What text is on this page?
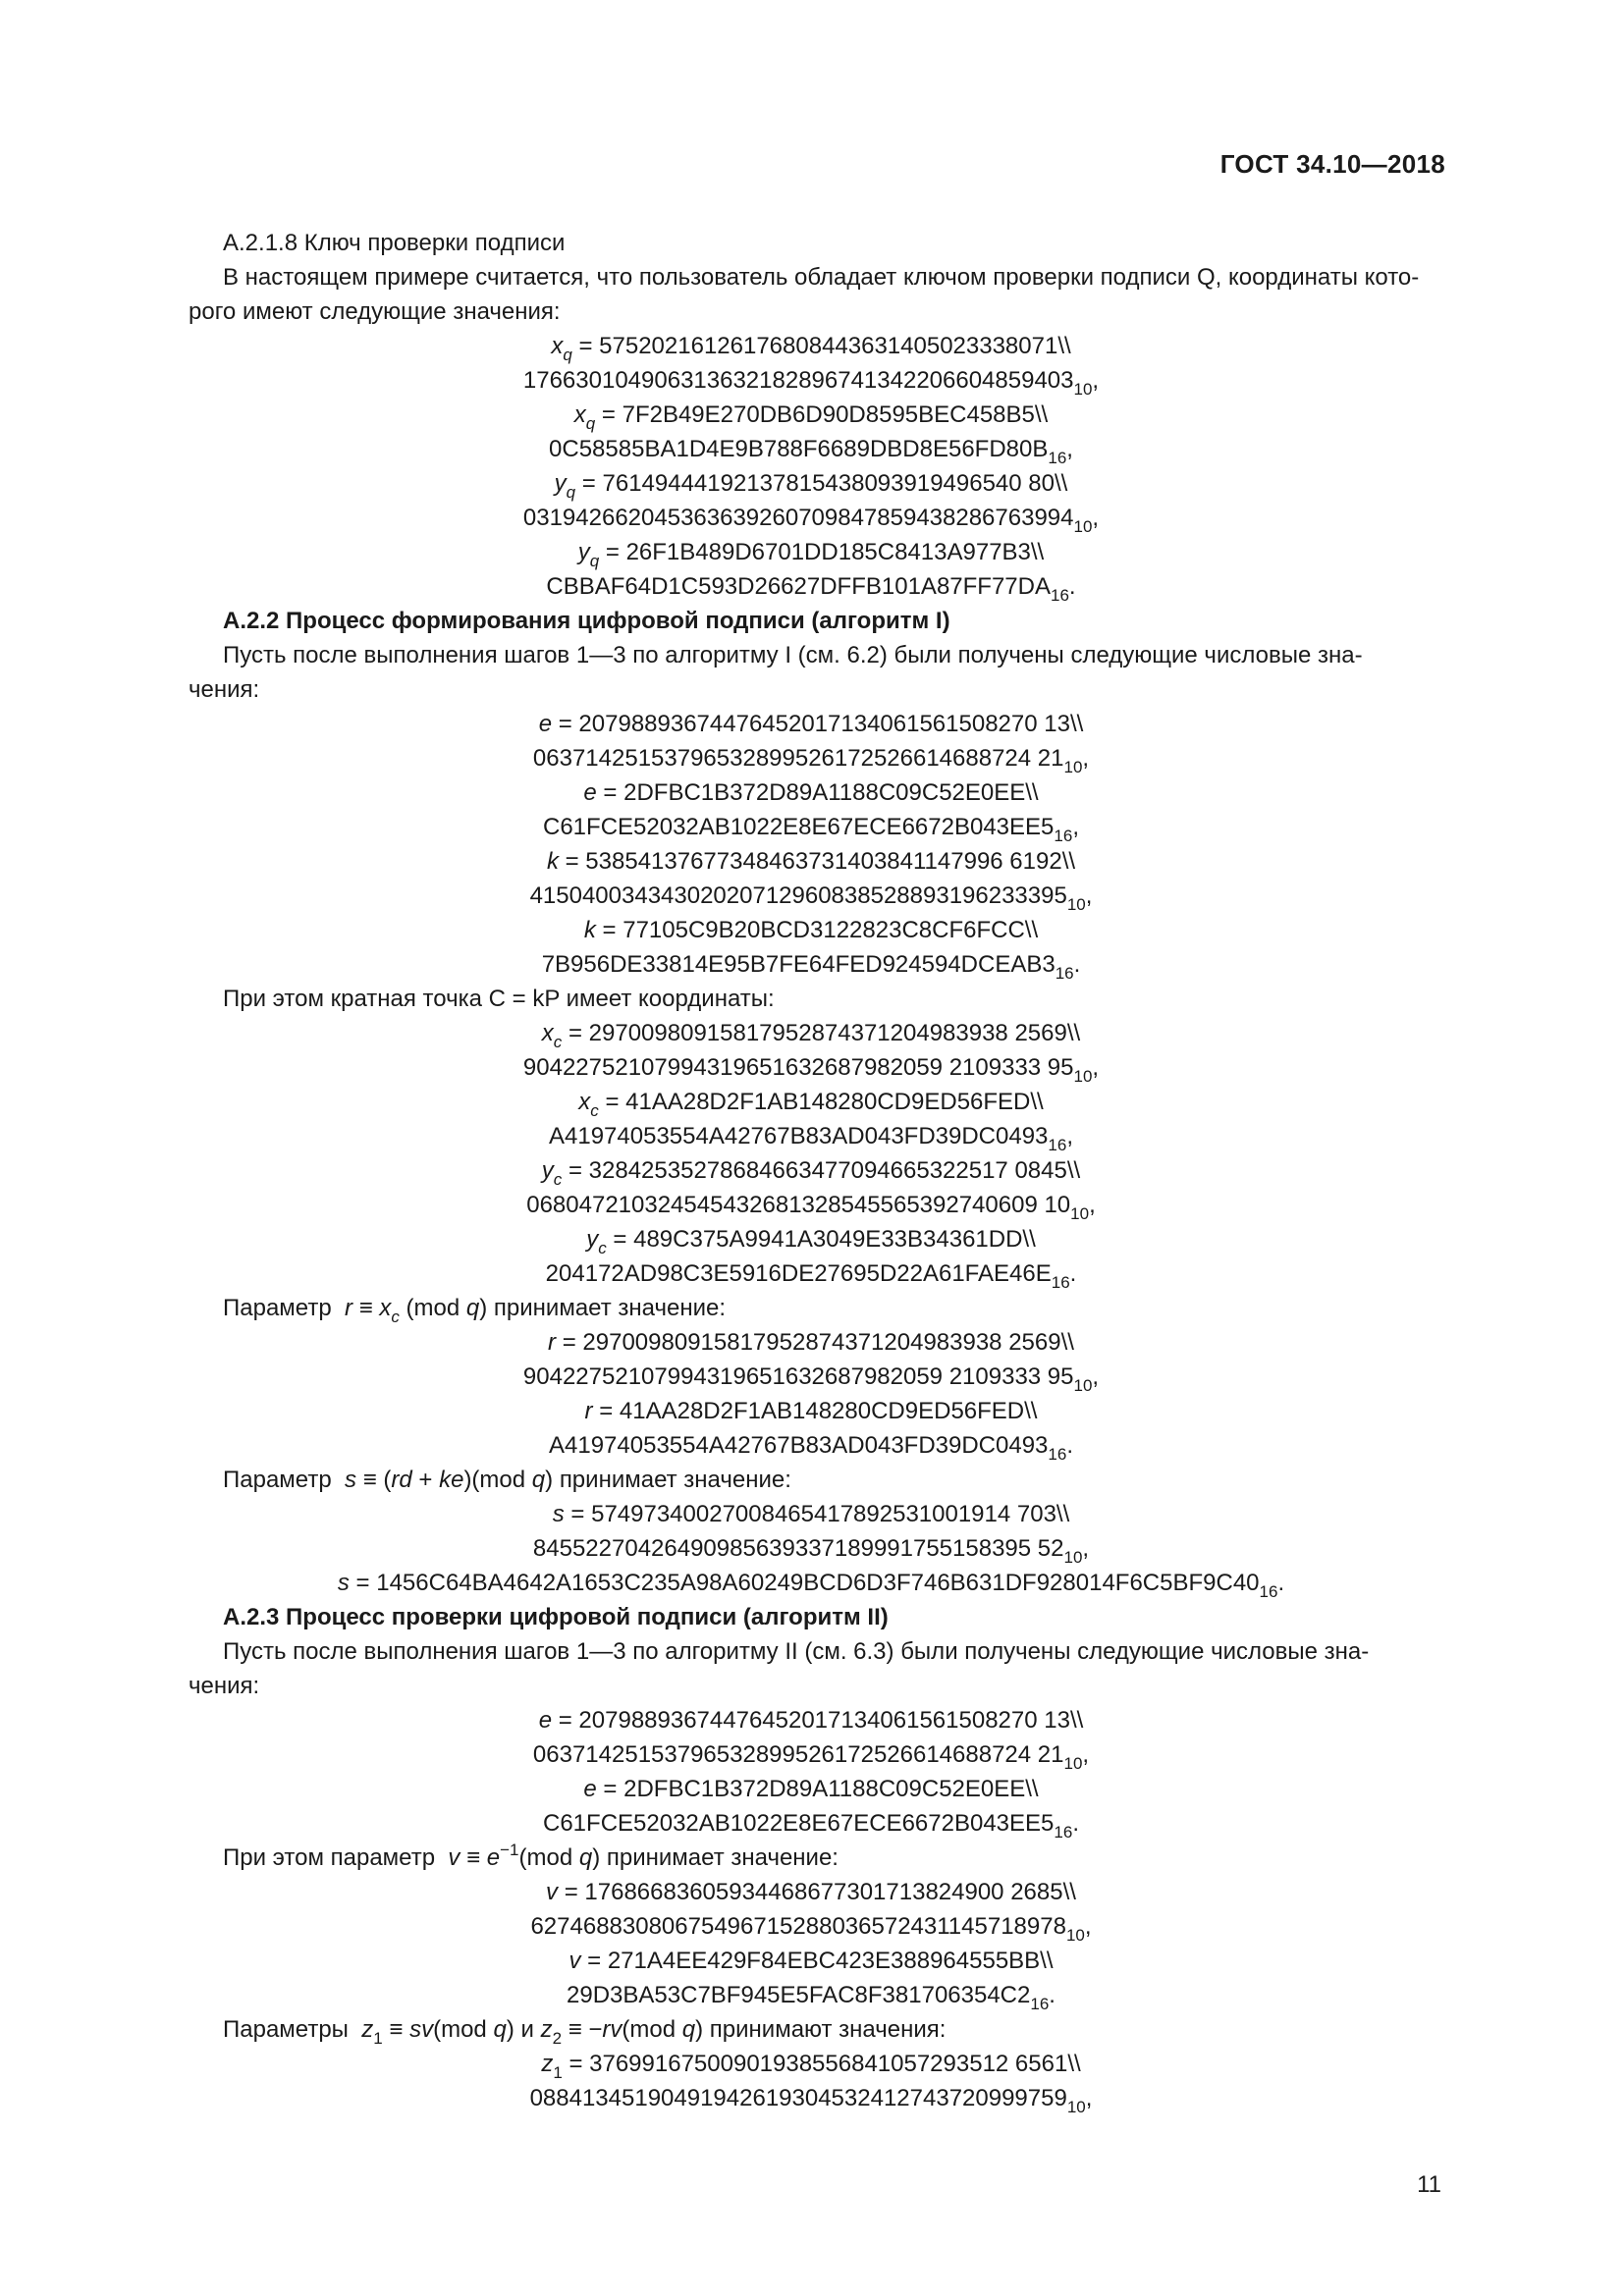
ГОСТ 34.10—2018
А.2.1.8 Ключ проверки подписи
В настоящем примере считается, что пользователь обладает ключом проверки подписи Q, координаты кото-
рого имеют следующие значения:
$x_q$ = 57520216126176808443631405023338071\\
$176630104906313632182896741342206604859403_{10}$,
$x_q$ = 7F2B49E270DB6D90D8595BEC458B5\\
$0C58585BA1D4E9B788F6689DBD8E56FD80B_{16}$,
$y_q = 76149444192137815438093919496540$ 80\\
$031942662045363639260709847859438286763994_{10}$,
$y_q$ = 26F1B489D6701DD185C8413A977B3\\
$CBBAF64D1C593D26627DFFB101A87FF77DA_{16}$.
А.2.2 Процесс формирования цифровой подписи (алгоритм I)
Пусть после выполнения шагов 1—3 по алгоритму I (см. 6.2) были получены следующие числовые зна-
чения:
e = 20798893674476452017134061561508270 13\\
06371425153796532899526172526614688724 $21_{10}$,
e = 2DFBC1B372D89A1188C09C52E0EE\\
$C61FCE52032AB1022E8E67ECE6672B043EE5_{16}$,
k = 53854137677348463731403841147996 6192\\
$41504003434302020712960838528893196233395_{10}$,
k = 77105C9B20BCD3122823C8CF6FCC\\
$7B956DE33814E95B7FE64FED924594DCEAB3_{16}$.
При этом кратная точка C = kP имеет координаты:
$x_c = 29700980915817952874371204983938$ 2569\\
90422752107994319651632687982059 2109333 $95_{10}$,
$x_c$ = 41AA28D2F1AB148280CD9ED56FED\\
$A41974053554A42767B83AD043FD39DC0493_{16}$,
$y_c = 32842535278684663477094665322517$ 0845\\
068047210324545432681328545565392740609 $10_{10}$,
$y_c$ = 489C375A9941A3049E33B34361DD\\
$204172AD98C3E5916DE27695D22A61FAE46E_{16}$.
Параметр $r \equiv x_c$ (mod q) принимает значение:
r = 29700980915817952874371204983938 2569\\
90422752107994319651632687982059 2109333 $95_{10}$,
r = 41AA28D2F1AB148280CD9ED56FED\\
$A41974053554A42767B83AD043FD39DC0493_{16}$.
Параметр s ≡ (rd + ke)(mod q) принимает значение:
s = 57497340027008465417892531001914 703\\
84552270426490985639337189991755158395 $52_{10}$,
$s = 1456C64BA4642A1653C235A98A60249BCD6D3F746B631DF928014F6C5BF9C40_{16}$.
А.2.3 Процесс проверки цифровой подписи (алгоритм II)
Пусть после выполнения шагов 1—3 по алгоритму II (см. 6.3) были получены следующие числовые зна-
чения:
e = 20798893674476452017134061561508270 13\\
06371425153796532899526172526614688724 $21_{10}$,
e = 2DFBC1B372D89A1188C09C52E0EE\\
$C61FCE52032AB1022E8E67ECE6672B043EE5_{16}$.
При этом параметр $v \equiv e^{-1}(mod$ q) принимает значение:
v = 17686683605934468677301713824900 2685\\
$62746883080675496715288036572431145718978_{10}$,
v = 271A4EE429F84EBC423E388964555BB\\
$29D3BA53C7BF945E5FAC8F381706354C2_{16}$.
Параметры $z_1 \equiv sv(mod$ q) и $z_2 \equiv -rv(mod$ q) принимают значения:
$z_1 = 37699167500901938556841057293512$ 6561\\
$08841345190491942619304532412743720999759_{10}$,
11
